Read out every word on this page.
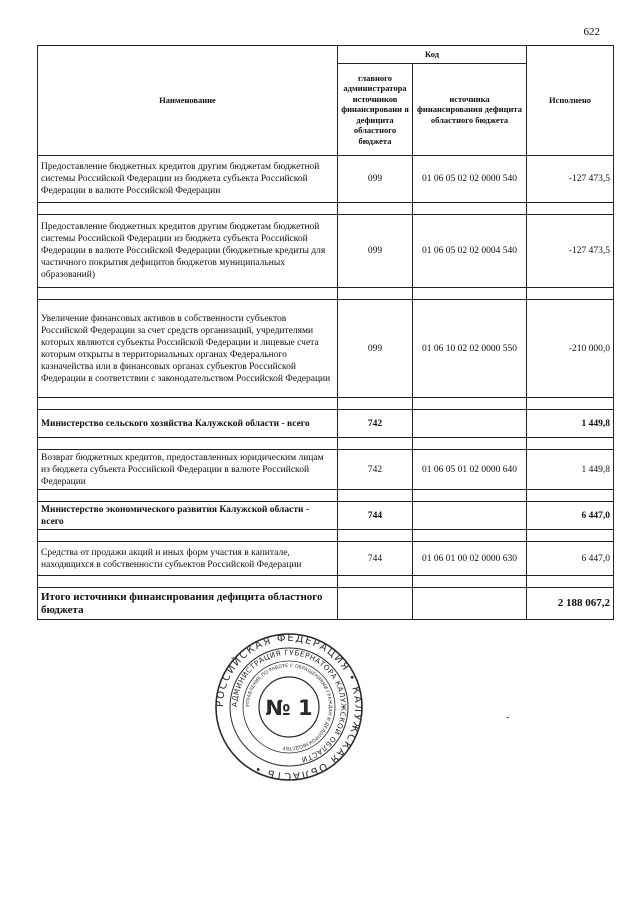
622
Наименование	Код		Исполнено
	главного администратора источников финансировани я дефицита областного бюджета	источника финансирования дефицита областного бюджета	
Предоставление бюджетных кредитов другим бюджетам бюджетной системы Российской Федерации из бюджета субъекта Российской Федерации в валюте Российской Федерации	099	01 06 05 02 02 0000 540	-127 473,5

Предоставление бюджетных кредитов другим бюджетам бюджетной системы Российской Федерации из бюджета субъекта Российской Федерации в валюте Российской Федерации (бюджетные кредиты для частичного покрытия дефицитов бюджетов муниципальных образований)	099	01 06 05 02 02 0004 540	-127 473,5

Увеличение финансовых активов в собственности субъектов Российской Федерации за счет средств организаций, учредителями которых являются субъекты Российской Федерации и лицевые счета которым открыты в территориальных органах Федерального казначейства или в финансовых органах субъектов Российской Федерации в соответствии с законодательством Российской Федерации	099	01 06 10 02 02 0000 550	-210 000,0

Министерство сельского хозяйства Калужской области - всего	742		1 449,8

Возврат бюджетных кредитов, предоставленных юридическим лицам из бюджета субъекта Российской Федерации в валюте Российской Федерации	742	01 06 05 01 02 0000 640	1 449,8

Министерство экономического развития Калужской области - всего	744		6 447,0

Средства от продажи акций и иных форм участия в капитале, находящихся в собственности субъектов Российской Федерации	744	01 06 01 00 02 0000 630	6 447,0

Итого источники финансирования дефицита областного бюджета			2 188 067,2
РОССИЙСКАЯ ФЕДЕРАЦИЯ • КАЛУЖСКАЯ ОБЛАСТЬ •
АДМИНИСТРАЦИЯ ГУБЕРНАТОРА КАЛУЖСКОЙ ОБЛАСТИ
УПРАВЛЕНИЕ ПО РАБОТЕ С ОБРАЩЕНИЯМИ ГРАЖДАН И ДЕЛОПРОИЗВОДСТВУ
№ 1	-
